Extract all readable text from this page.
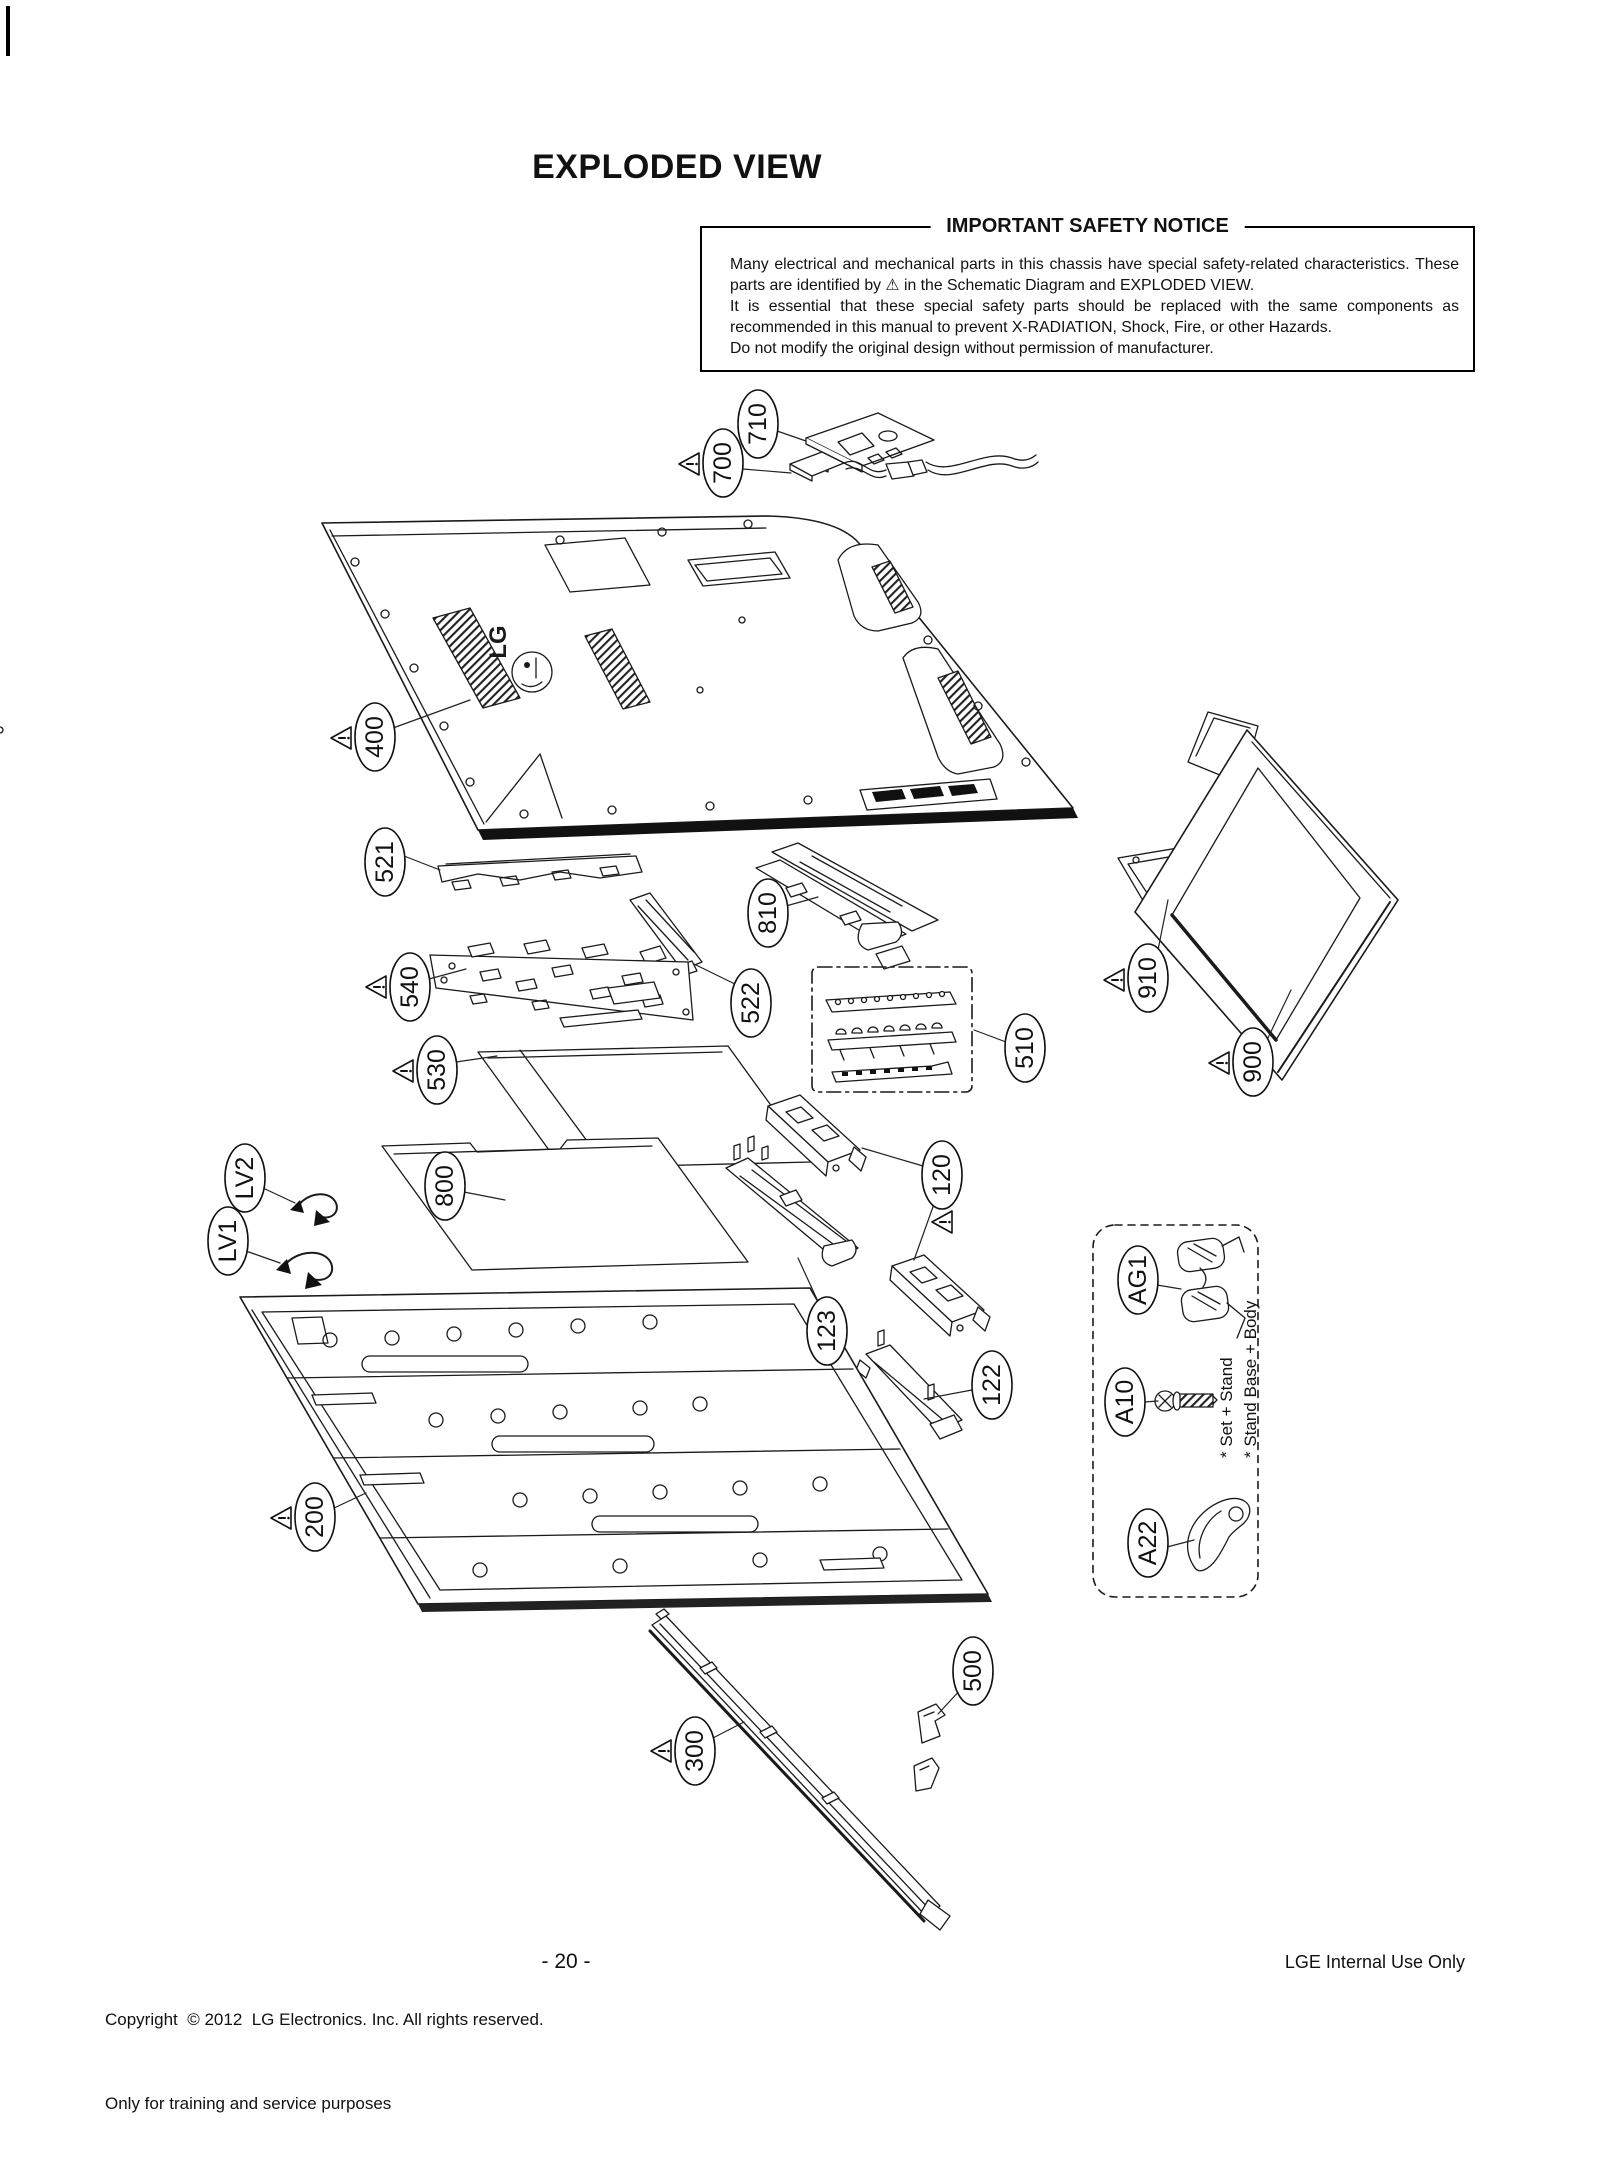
EXPLODED VIEW
IMPORTANT SAFETY NOTICE
Many electrical and mechanical parts in this chassis have special safety-related characteristics. These
parts are identified by ⚠ in the Schematic Diagram and EXPLODED VIEW.
It is essential that these special safety parts should be replaced with the same components as
recommended in this manual to prevent X-RADIATION, Shock, Fire, or other Hazards.
Do not modify the original design without permission of manufacturer.
LG
710
700
400
521
810
540	522
510
530
800
LV2
LV1
120
123
122
200
910
900
AG1
A10
A22
300
500
* Set + Stand * Stand Base + Body

Copyright  © 2012  LG Electronics. Inc. All rights reserved.

Only for training and service purposes

- 20 -	LGE Internal Use Only
